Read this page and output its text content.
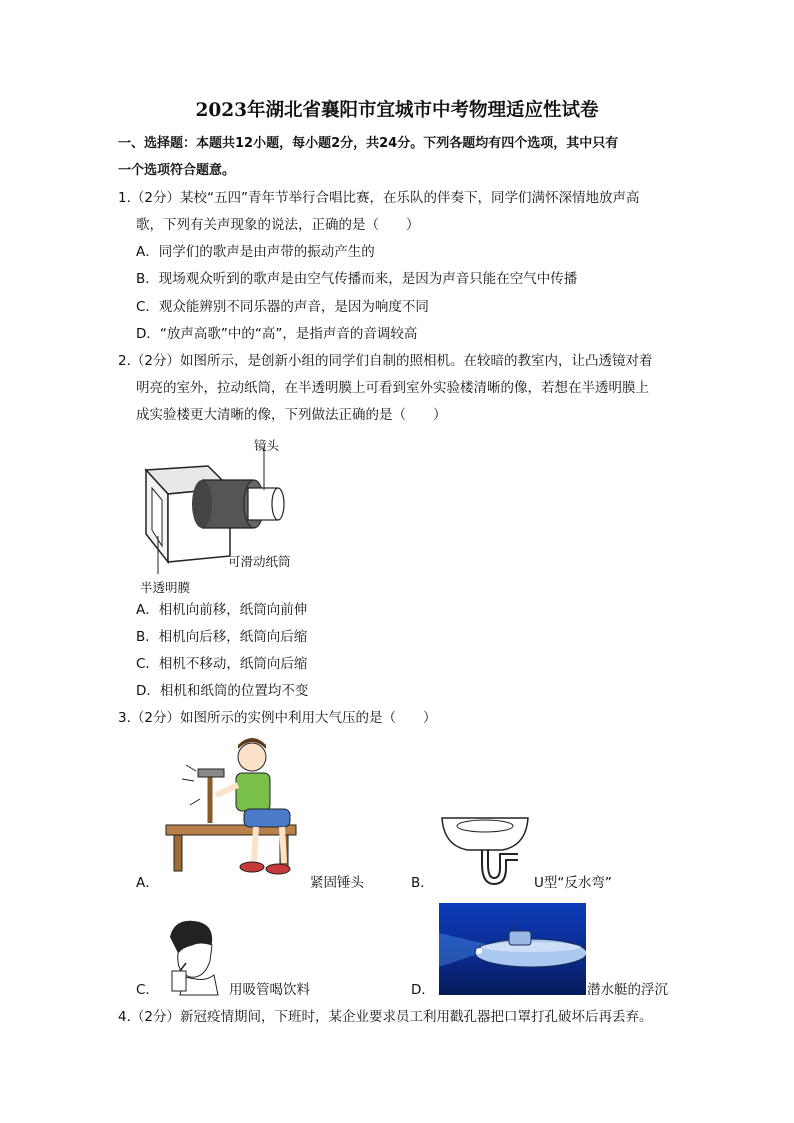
2023年湖北省襄阳市宜城市中考物理适应性试卷
一、选择题：本题共12小题，每小题2分，共24分。下列各题均有四个选项，其中只有
一个选项符合题意。
1.（2分）某校“五四”青年节举行合唱比赛，在乐队的伴奏下，同学们满怀深情地放声高
歌，下列有关声现象的说法，正确的是（　　）
A．同学们的歌声是由声带的振动产生的
B．现场观众听到的歌声是由空气传播而来，是因为声音只能在空气中传播
C．观众能辨别不同乐器的声音，是因为响度不同
D．“放声高歌”中的“高”，是指声音的音调较高
2.（2分）如图所示，是创新小组的同学们自制的照相机。在较暗的教室内，让凸透镜对着
明亮的室外，拉动纸筒，在半透明膜上可看到室外实验楼清晰的像，若想在半透明膜上
成实验楼更大清晰的像，下列做法正确的是（　　）
镜头
可滑动纸筒
半透明膜
A．相机向前移，纸筒向前伸
B．相机向后移，纸筒向后缩
C．相机不移动，纸筒向后缩
D．相机和纸筒的位置均不变
3.（2分）如图所示的实例中利用大气压的是（　　）
A．	紧固锤头	B．	U型“反水弯”
C．	用吸管喝饮料	D．	潜水艇的浮沉
4.（2分）新冠疫情期间，下班时，某企业要求员工利用戳孔器把口罩打孔破坏后再丢弃。
